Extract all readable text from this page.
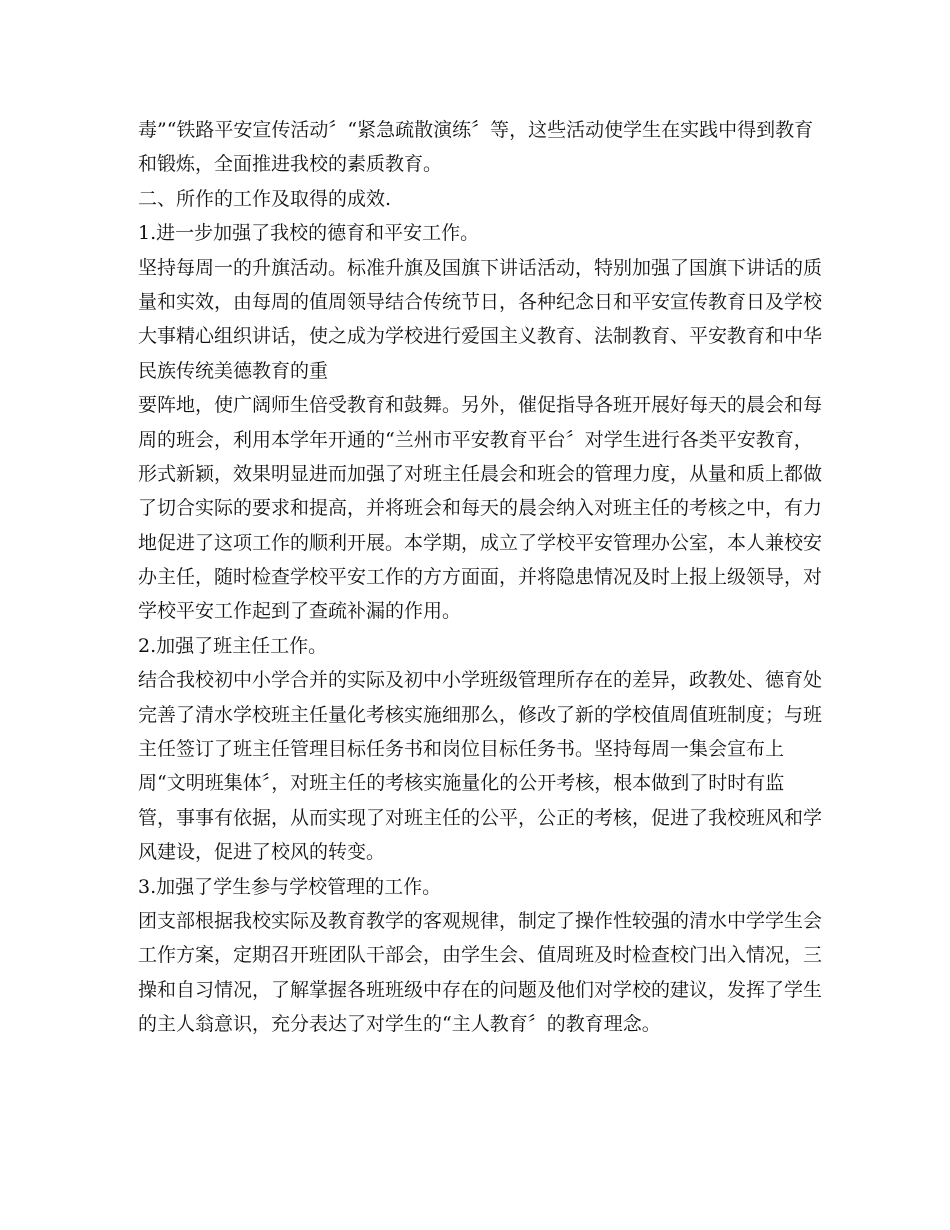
毒”“铁路平安宣传活动〞“紧急疏散演练〞等，这些活动使学生在实践中得到教育
和锻炼，全面推进我校的素质教育。

二、所作的工作及取得的成效.

1.进一步加强了我校的德育和平安工作。

坚持每周一的升旗活动。标准升旗及国旗下讲话活动，特别加强了国旗下讲话的质
量和实效，由每周的值周领导结合传统节日，各种纪念日和平安宣传教育日及学校
大事精心组织讲话，使之成为学校进行爱国主义教育、法制教育、平安教育和中华
民族传统美德教育的重
要阵地，使广阔师生倍受教育和鼓舞。另外，催促指导各班开展好每天的晨会和每
周的班会，利用本学年开通的“兰州市平安教育平台〞对学生进行各类平安教育，
形式新颖，效果明显进而加强了对班主任晨会和班会的管理力度，从量和质上都做
了切合实际的要求和提高，并将班会和每天的晨会纳入对班主任的考核之中，有力
地促进了这项工作的顺利开展。本学期，成立了学校平安管理办公室，本人兼校安
办主任，随时检查学校平安工作的方方面面，并将隐患情况及时上报上级领导，对
学校平安工作起到了查疏补漏的作用。

2.加强了班主任工作。

结合我校初中小学合并的实际及初中小学班级管理所存在的差异，政教处、德育处
完善了清水学校班主任量化考核实施细那么，修改了新的学校值周值班制度；与班
主任签订了班主任管理目标任务书和岗位目标任务书。坚持每周一集会宣布上
周“文明班集体〞，对班主任的考核实施量化的公开考核，根本做到了时时有监
管，事事有依据，从而实现了对班主任的公平，公正的考核，促进了我校班风和学
风建设，促进了校风的转变。

3.加强了学生参与学校管理的工作。

团支部根据我校实际及教育教学的客观规律，制定了操作性较强的清水中学学生会
工作方案，定期召开班团队干部会，由学生会、值周班及时检查校门出入情况，三
操和自习情况，了解掌握各班班级中存在的问题及他们对学校的建议，发挥了学生
的主人翁意识，充分表达了对学生的“主人教育〞的教育理念。
